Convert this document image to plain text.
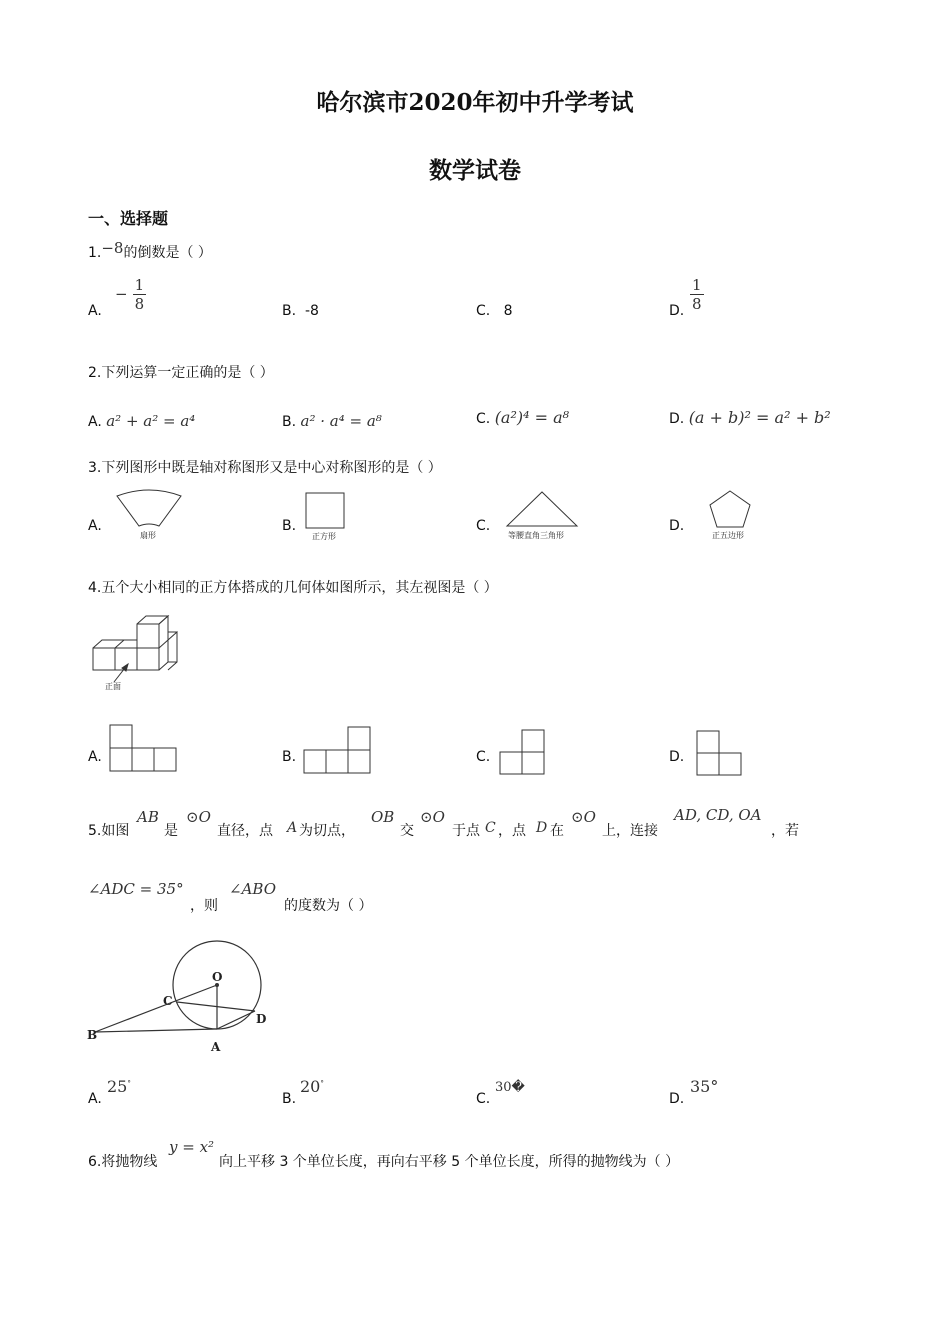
哈尔滨市2020年初中升学考试
数学试卷
一、选择题
1.−8的倒数是（ ）
A.
− $\frac{1}{8}$	B. -8	C. 8	D. $\frac{1}{8}$
2.下列运算一定正确的是（ ）
A. a² + a² = a⁴	B. a² · a⁴ = a⁸	C. (a²)⁴ = a⁸	D. (a + b)² = a² + b²
3.下列图形中既是轴对称图形又是中心对称图形的是（ ）
A.
扇形
B.
正方形
C.
等腰直角三角形
D.
正五边形
4.五个大小相同的正方体搭成的几何体如图所示，其左视图是（ ）
正面
A.	B.	C.	D.
5.如图
AB
是
⊙O
直径，点 A 为切点，
OB
交
⊙O
于点 C ，点 D 在
⊙O
上，连接
AD, CD, OA
，若
∠ADC = 35°
，则
∠ABO
的度数为（ ）
O
C
D
B
A
A.
25°
B.
20°
C.
30�
D.
35°
6.将抛物线
y = x²
向上平移 3 个单位长度，再向右平移 5 个单位长度，所得的抛物线为（ ）
